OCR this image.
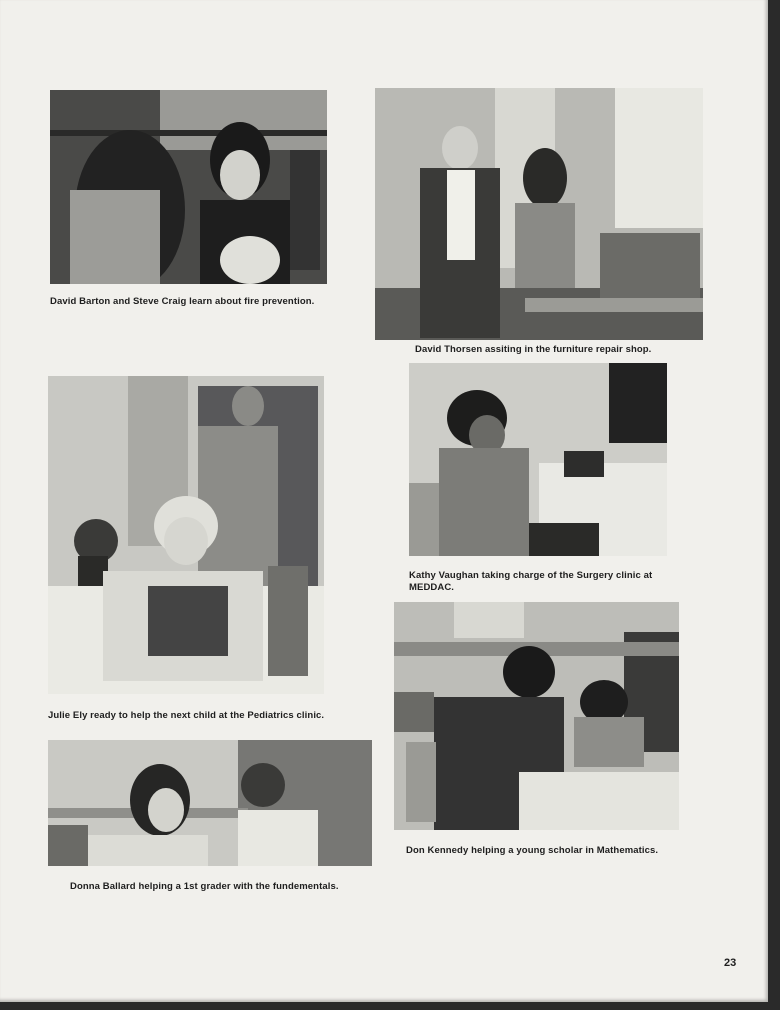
David Barton and Steve Craig learn about fire prevention.
David Thorsen assiting in the furniture repair shop.
Kathy Vaughan taking charge of the Surgery clinic at MEDDAC.
Julie Ely ready to help the next child at the Pediatrics clinic.
Don Kennedy helping a young scholar in Mathematics.
Donna Ballard helping a 1st grader with the fundementals.
23
